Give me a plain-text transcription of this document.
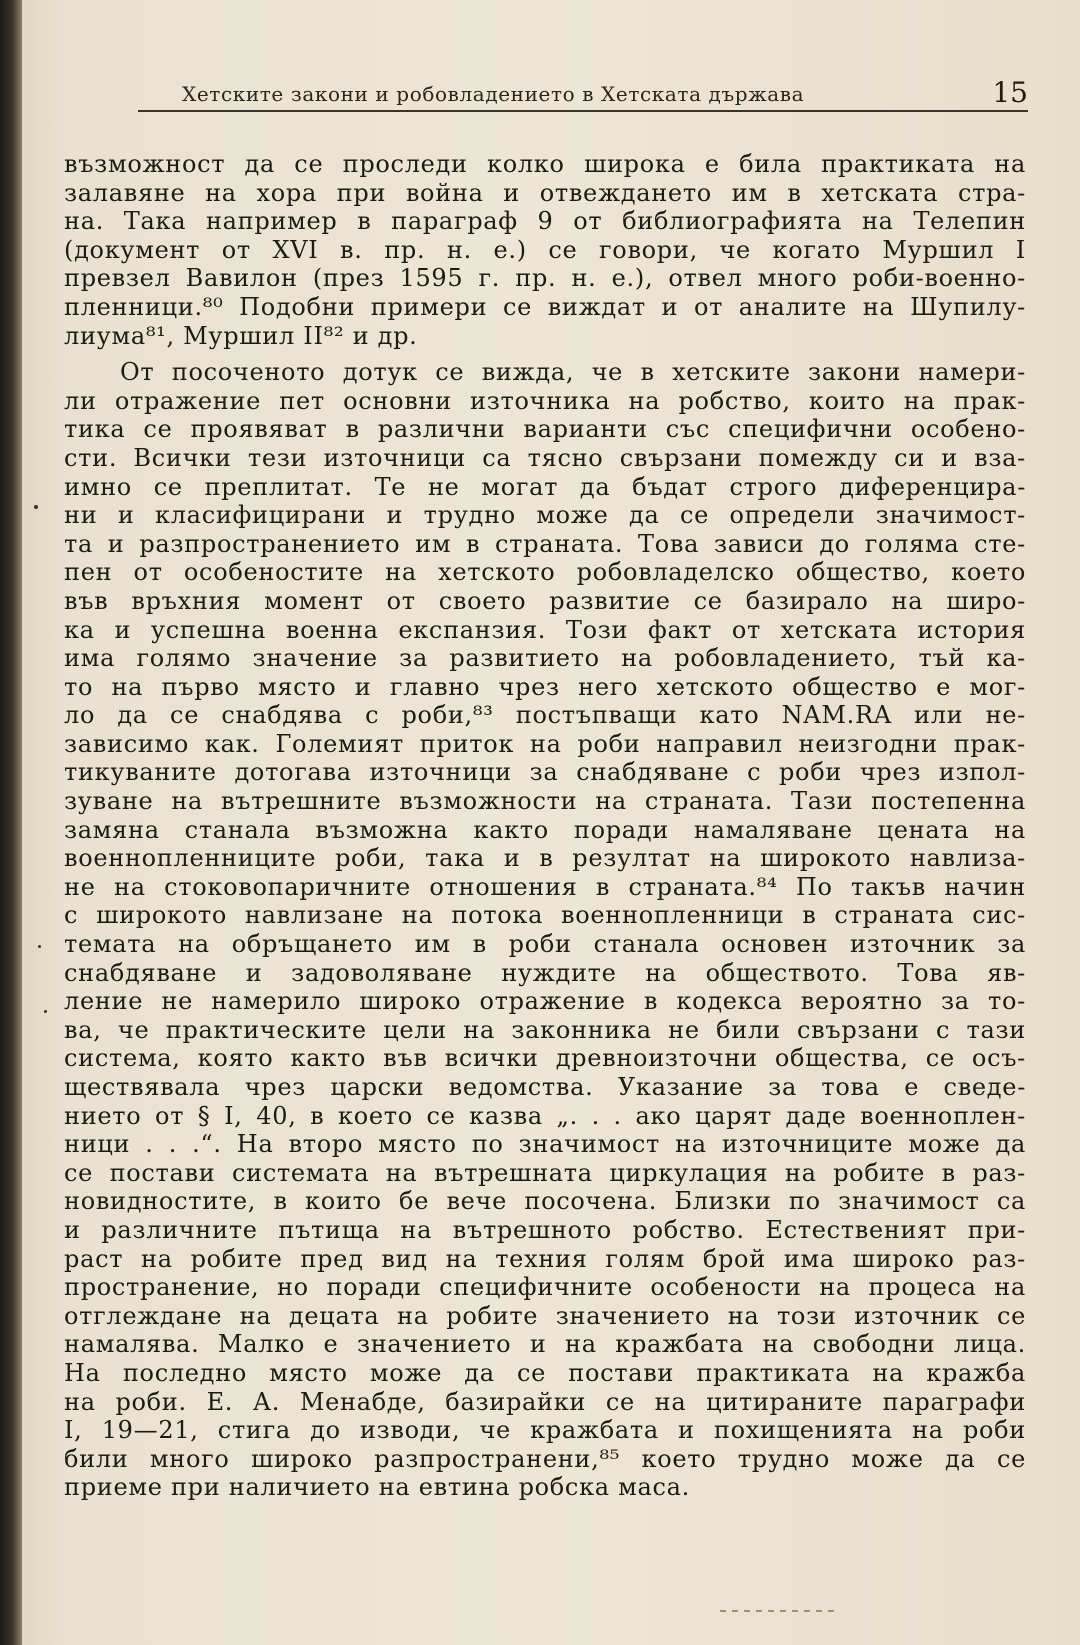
Хетските закони и робовладението в Хетската държава	15
възможност да се проследи колко широка е била практиката на
залавяне на хора при война и отвеждането им в хетската стра-
на. Така например в параграф 9 от библиографията на Телепин
(документ от XVI в. пр. н. е.) се говори, че когато Муршил I
превзел Вавилон (през 1595 г. пр. н. е.), отвел много роби-военно-
пленници.⁸⁰ Подобни примери се виждат и от аналите на Шупилу-
лиума⁸¹, Муршил II⁸² и др.
От посоченото дотук се вижда, че в хетските закони намери-
ли отражение пет основни източника на робство, които на прак-
тика се проявяват в различни варианти със специфични особено-
сти. Всички тези източници са тясно свързани помежду си и вза-
имно се преплитат. Те не могат да бъдат строго диференцира-
ни и класифицирани и трудно може да се определи значимост-
та и разпространението им в страната. Това зависи до голяма сте-
пен от особеностите на хетското робовладелско общество, което
във връхния момент от своето развитие се базирало на широ-
ка и успешна военна експанзия. Този факт от хетската история
има голямо значение за развитието на робовладението, тъй ка-
то на първо място и главно чрез него хетското общество е мог-
ло да се снабдява с роби,⁸³ постъпващи като NAM.RA или не-
зависимо как. Големият приток на роби направил неизгодни прак-
тикуваните дотогава източници за снабдяване с роби чрез изпол-
зуване на вътрешните възможности на страната. Тази постепенна
замяна станала възможна както поради намаляване цената на
военнопленниците роби, така и в резултат на широкото навлиза-
не на стоковопаричните отношения в страната.⁸⁴ По такъв начин
с широкото навлизане на потока военнопленници в страната сис-
темата на обръщането им в роби станала основен източник за
снабдяване и задоволяване нуждите на обществото. Това яв-
ление не намерило широко отражение в кодекса вероятно за то-
ва, че практическите цели на законника не били свързани с тази
система, която както във всички древноизточни общества, се осъ-
ществявала чрез царски ведомства. Указание за това е сведе-
нието от § I, 40, в което се казва „. . . ако царят даде военноплен-
ници . . .“. На второ място по значимост на източниците може да
се постави системата на вътрешната циркулация на робите в раз-
новидностите, в които бе вече посочена. Близки по значимост са
и различните пътища на вътрешното робство. Естественият при-
раст на робите пред вид на техния голям брой има широко раз-
пространение, но поради специфичните особености на процеса на
отглеждане на децата на робите значението на този източник се
намалява. Малко е значението и на кражбата на свободни лица.
На последно място може да се постави практиката на кражба
на роби. Е. А. Менабде, базирайки се на цитираните параграфи
I, 19—21, стига до изводи, че кражбата и похищенията на роби
били много широко разпространени,⁸⁵ което трудно може да се
приеме при наличието на евтина робска маса.
